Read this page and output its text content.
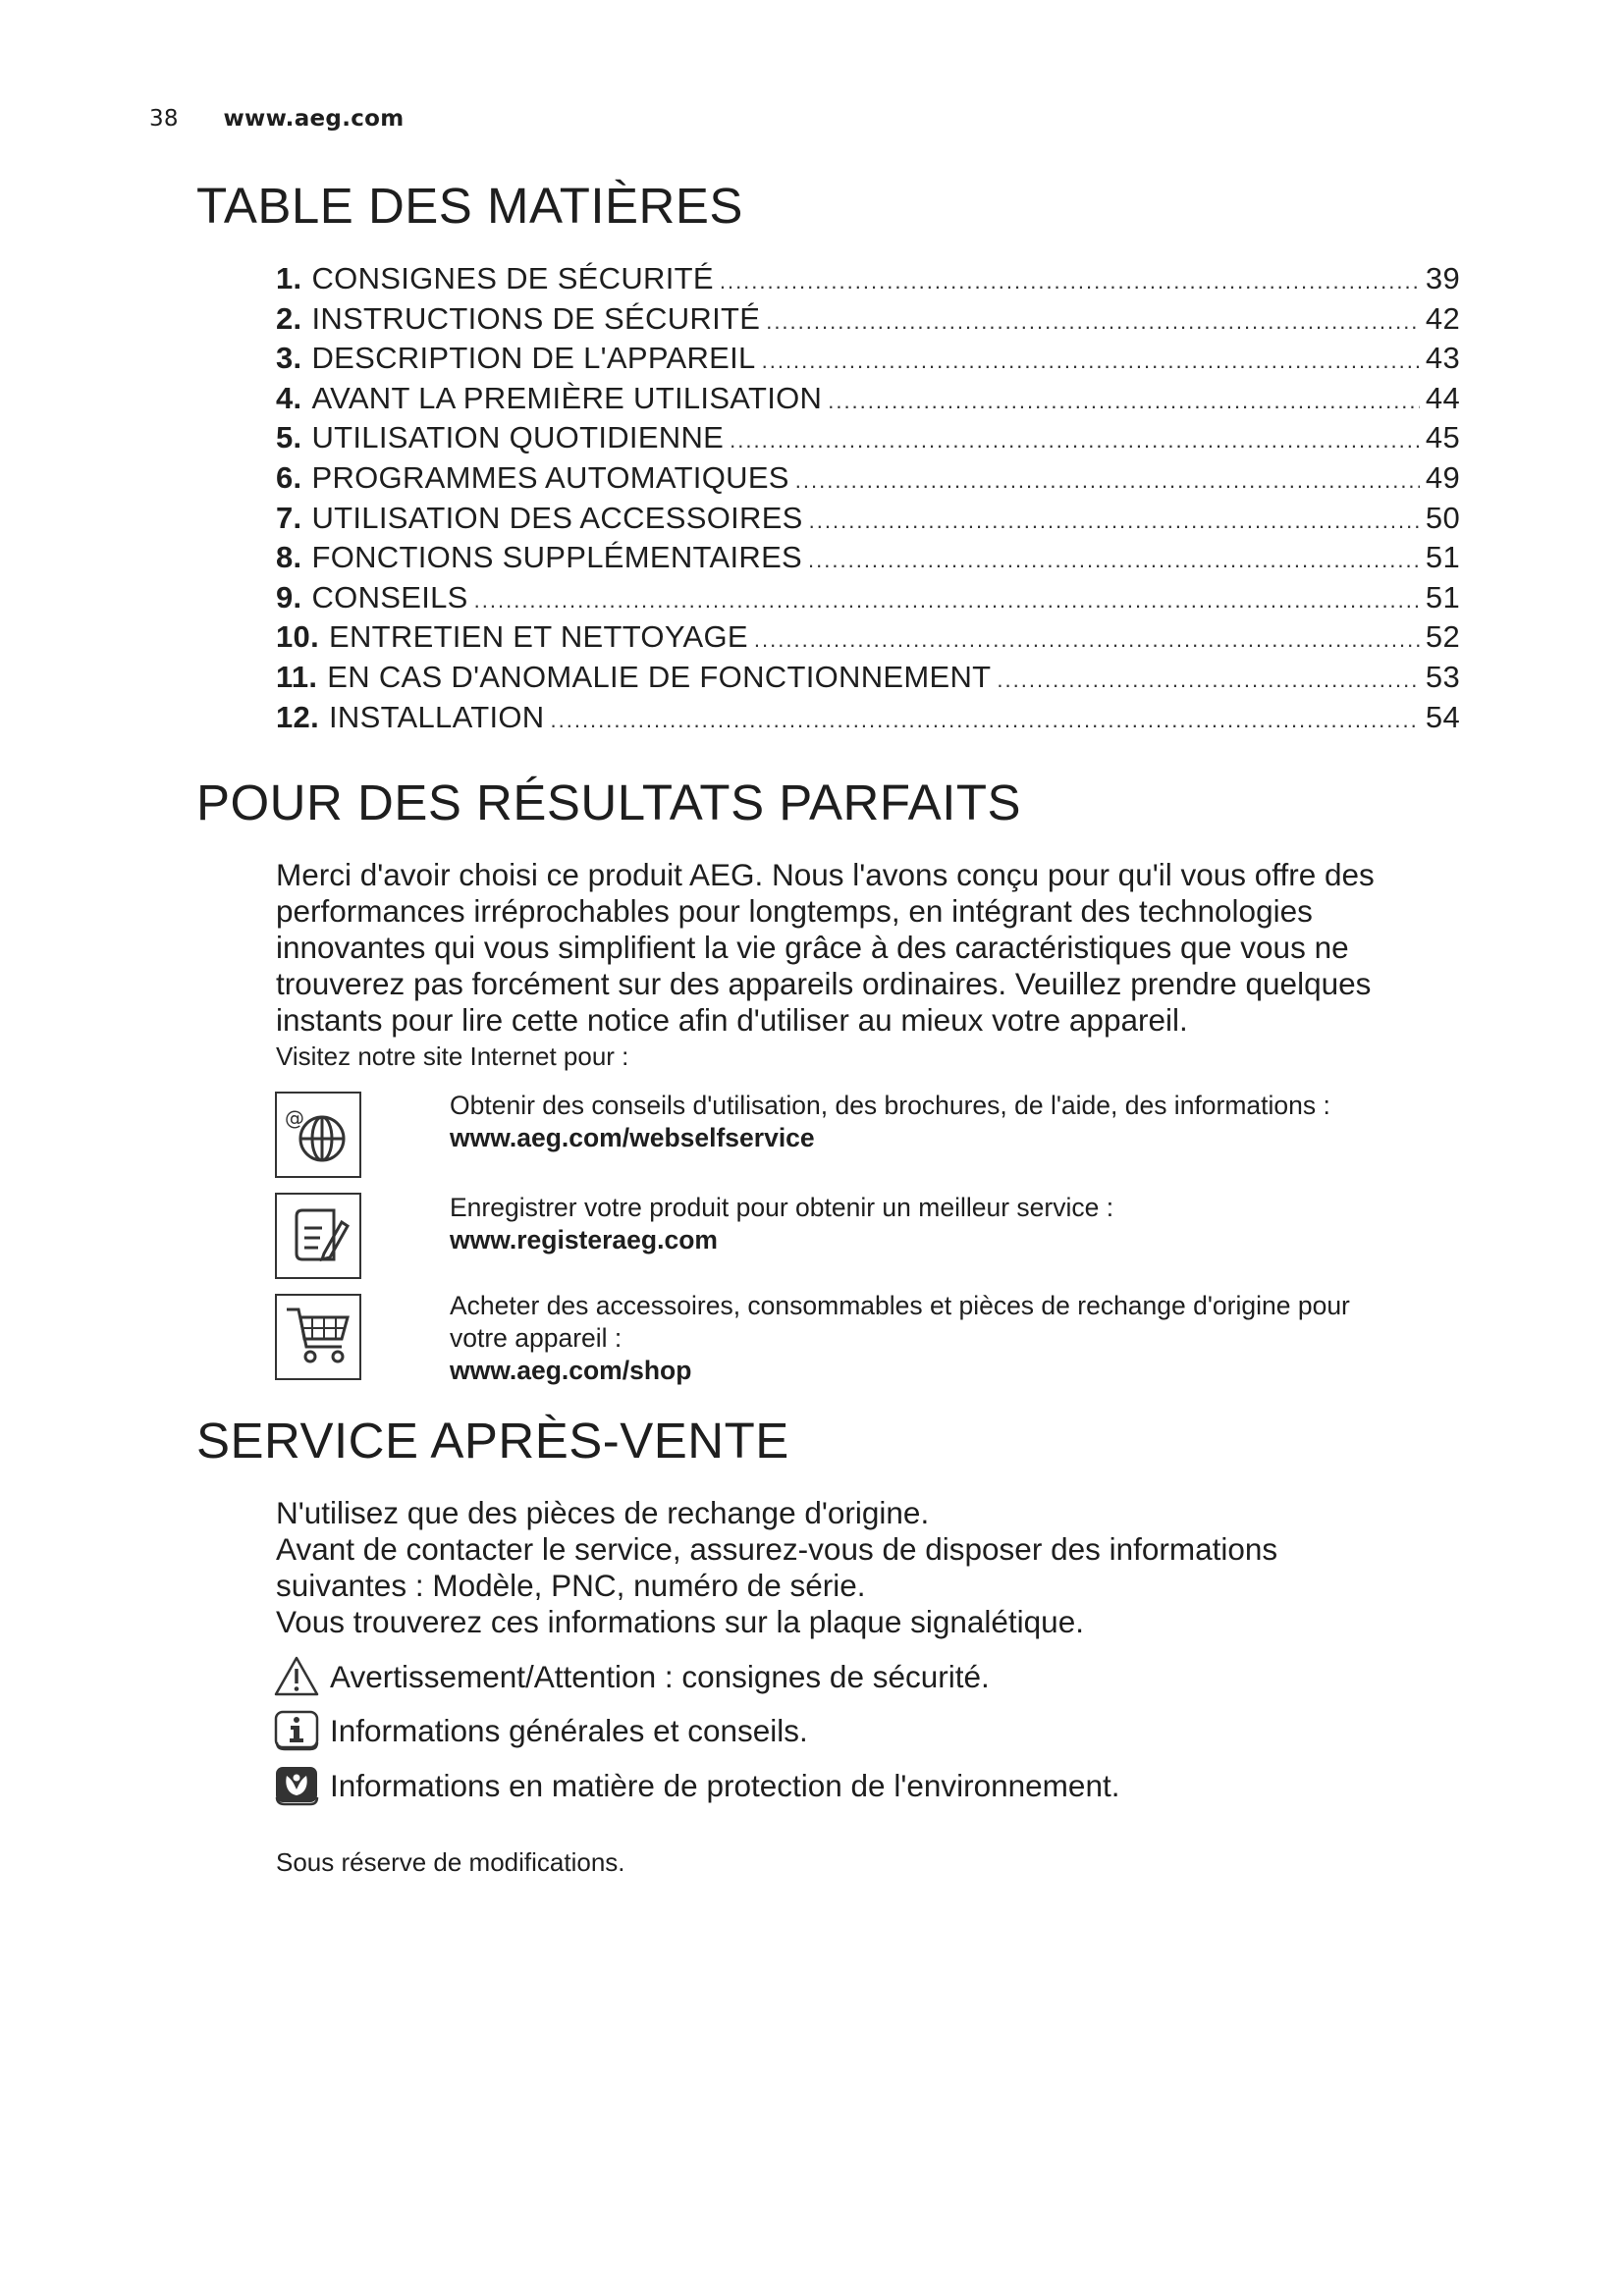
38 www.aeg.com
TABLE DES MATIÈRES
1. CONSIGNES DE SÉCURITÉ .....	39
2. INSTRUCTIONS DE SÉCURITÉ .....	42
3. DESCRIPTION DE L'APPAREIL .....	43
4. AVANT LA PREMIÈRE UTILISATION .....	44
5. UTILISATION QUOTIDIENNE .....	45
6. PROGRAMMES AUTOMATIQUES .....	49
7. UTILISATION DES ACCESSOIRES .....	50
8. FONCTIONS SUPPLÉMENTAIRES .....	51
9. CONSEILS .....	51
10. ENTRETIEN ET NETTOYAGE .....	52
11. EN CAS D'ANOMALIE DE FONCTIONNEMENT .....	53
12. INSTALLATION .....	54
POUR DES RÉSULTATS PARFAITS
Merci d'avoir choisi ce produit AEG. Nous l'avons conçu pour qu'il vous offre des
performances irréprochables pour longtemps, en intégrant des technologies
innovantes qui vous simplifient la vie grâce à des caractéristiques que vous ne
trouverez pas forcément sur des appareils ordinaires. Veuillez prendre quelques
instants pour lire cette notice afin d'utiliser au mieux votre appareil.
Visitez notre site Internet pour :
@	Obtenir des conseils d'utilisation, des brochures, de l'aide, des informations :
www.aeg.com/webselfservice
Enregistrer votre produit pour obtenir un meilleur service :
www.registeraeg.com
Acheter des accessoires, consommables et pièces de rechange d'origine pour
votre appareil :
www.aeg.com/shop
SERVICE APRÈS-VENTE
N'utilisez que des pièces de rechange d'origine.
Avant de contacter le service, assurez-vous de disposer des informations
suivantes : Modèle, PNC, numéro de série.
Vous trouverez ces informations sur la plaque signalétique.
Avertissement/Attention : consignes de sécurité.
Informations générales et conseils.
Informations en matière de protection de l'environnement.
Sous réserve de modifications.
